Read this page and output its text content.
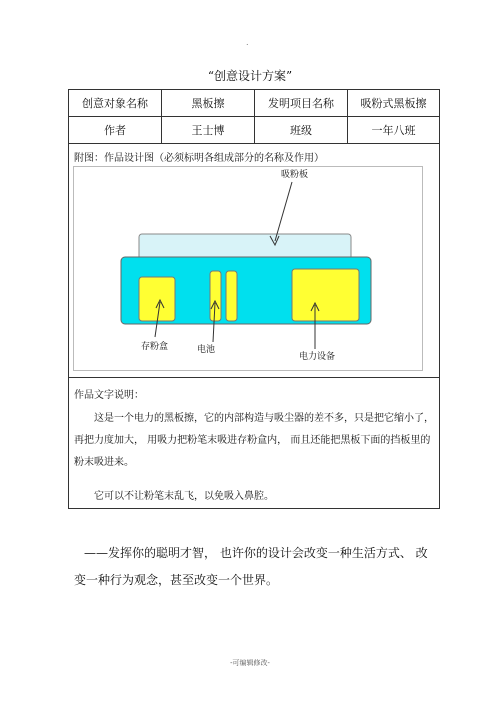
.
“创意设计方案”
创意对象名称	黑板擦	发明项目名称	吸粉式黑板擦
作者	王士博	班级	一年八班
附图：作品设计图（必须标明各组成部分的名称及作用）
吸粉板
存粉盒	电池
电力设备
作品文字说明：
这是一个电力的黑板擦，它的内部构造与吸尘器的差不多，只是把它缩小了，再把力度加大， 用吸力把粉笔末吸进存粉盒内， 而且还能把黑板下面的挡板里的粉末吸进来。
它可以不让粉笔末乱飞，以免吸入鼻腔。
——发挥你的聪明才智， 也许你的设计会改变一种生活方式、 改变一种行为观念，甚至改变一个世界。
-可编辑修改-
